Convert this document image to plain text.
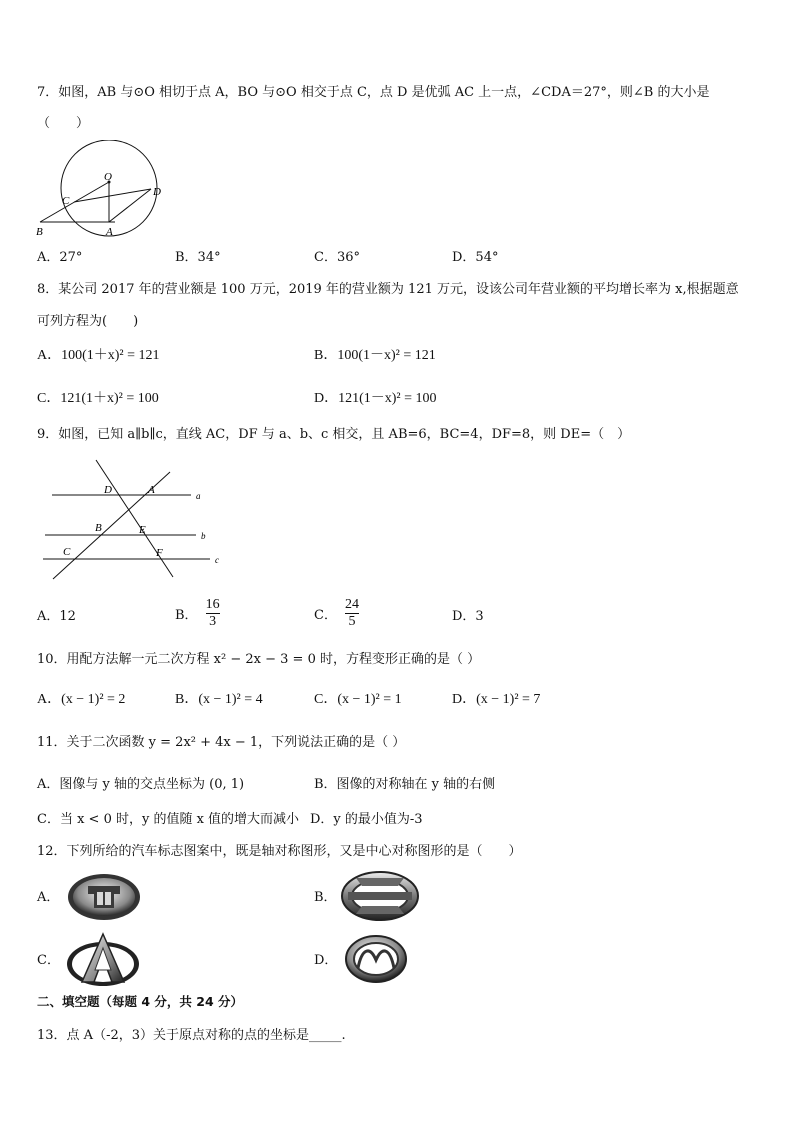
7．如图，AB 与⊙O 相切于点 A，BO 与⊙O 相交于点 C，点 D 是优弧 AC 上一点，∠CDA＝27°，则∠B 的大小是
（　　）
O
C
D
B	A
A．27°	B．34°	C．36°	D．54°
8．某公司 2017 年的营业额是 100 万元，2019 年的营业额为 121 万元，设该公司年营业额的平均增长率为 x,根据题意
可列方程为(　　)
A．100(1＋x)² = 121	B．100(1－x)² = 121
C．121(1＋x)² = 100	D．121(1－x)² = 100
9．如图，已知 a∥b∥c，直线 AC，DF 与 a、b、c 相交，且 AB=6，BC=4，DF=8，则 DE=（　）
D	A	a
B	E	b
C	F
c
A．12	B． $\frac{16}{3}$	C． $\frac{24}{5}$	D．3
10．用配方法解一元二次方程 x² − 2x − 3 = 0 时，方程变形正确的是（ ）
A．(x − 1)² = 2	B．(x − 1)² = 4	C．(x − 1)² = 1	D．(x − 1)² = 7
11．关于二次函数 y = 2x² + 4x − 1，下列说法正确的是（ ）
A．图像与 y 轴的交点坐标为 (0, 1)	B．图像的对称轴在 y 轴的右侧
C．当 x < 0 时，y 的值随 x 值的增大而减小 D．y 的最小值为-3
12．下列所给的汽车标志图案中，既是轴对称图形，又是中心对称图形的是（　　）
A．	B．
C．	D．
二、填空题（每题 4 分，共 24 分）
13．点 A（-2，3）关于原点对称的点的坐标是_____.
